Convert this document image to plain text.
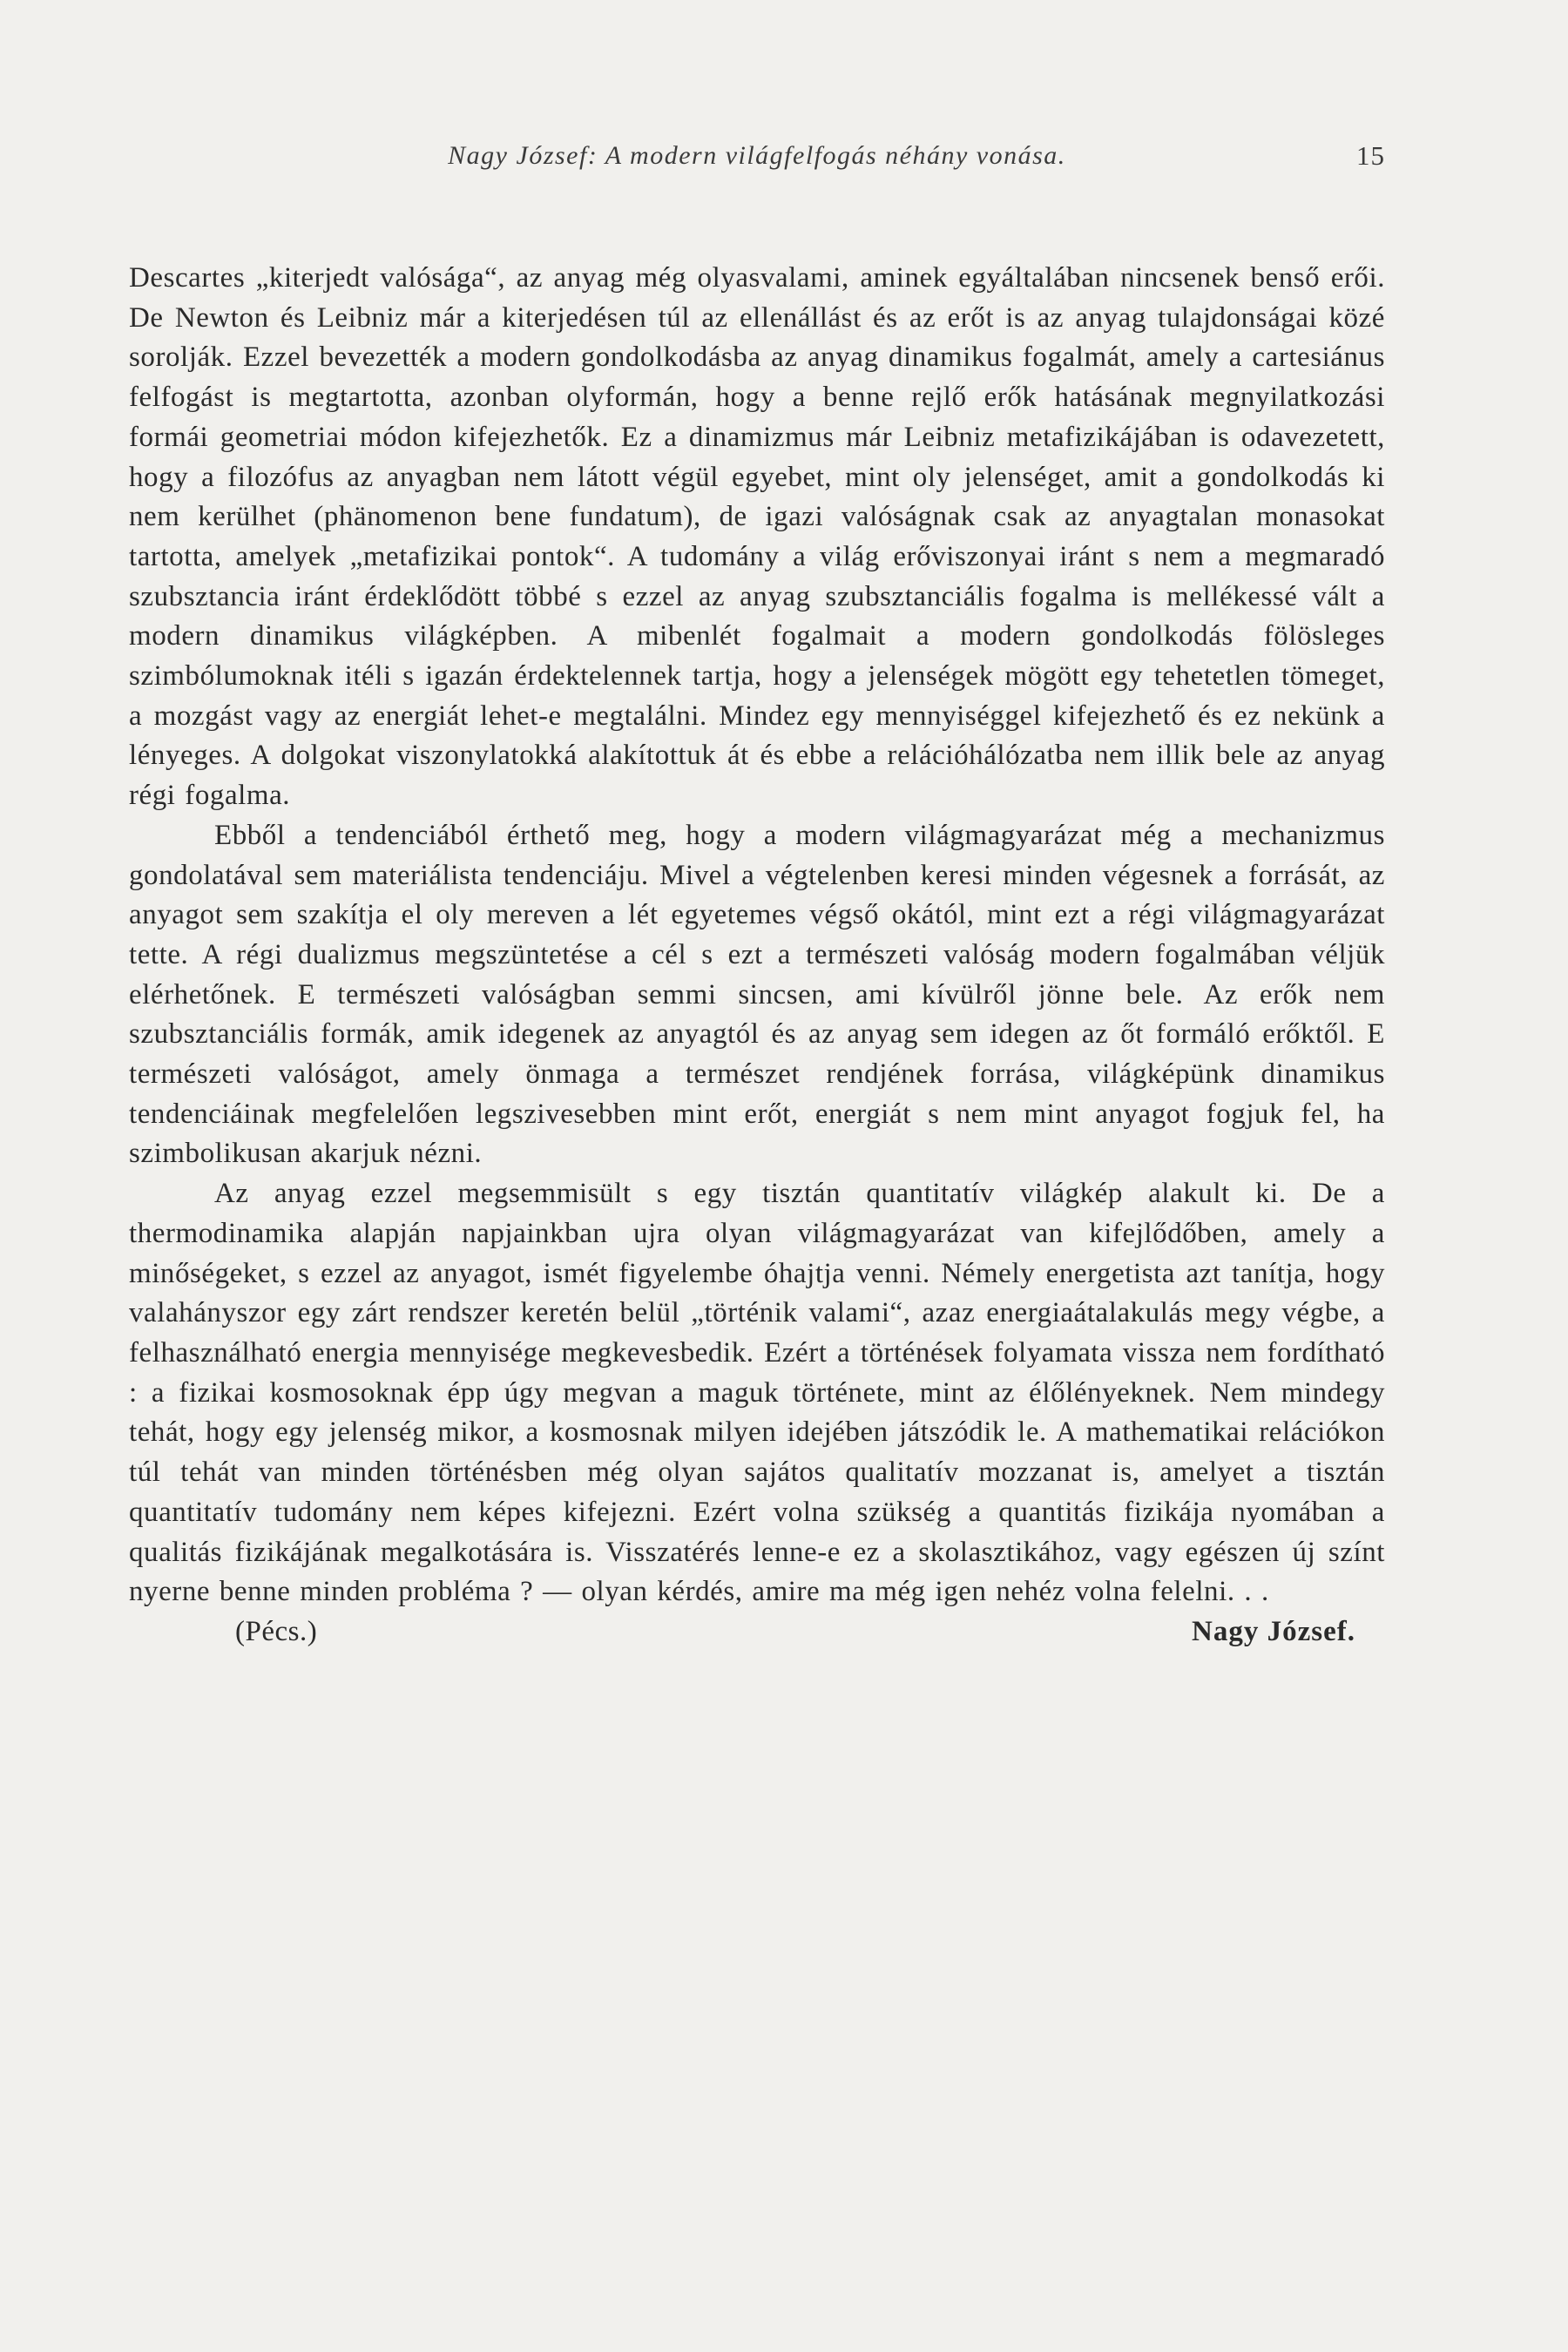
Nagy József: A modern világfelfogás néhány vonása.	15

Descartes „kiterjedt valósága“, az anyag még olyasvalami, aminek egyáltalában nincsenek benső erői. De Newton és Leibniz már a kiterjedésen túl az ellenállást és az erőt is az anyag tulajdonságai közé sorolják. Ezzel bevezették a modern gondolkodásba az anyag dinamikus fogalmát, amely a cartesiánus felfogást is megtartotta, azonban olyformán, hogy a benne rejlő erők hatásának megnyilatkozási formái geometriai módon kifejezhetők. Ez a dinamizmus már Leibniz metafizikájában is odavezetett, hogy a filozófus az anyagban nem látott végül egyebet, mint oly jelenséget, amit a gondolkodás ki nem kerülhet (phänomenon bene fundatum), de igazi valóságnak csak az anyagtalan monasokat tartotta, amelyek „metafizikai pontok“. A tudomány a világ erőviszonyai iránt s nem a megmaradó szubsztancia iránt érdeklődött többé s ezzel az anyag szubsztanciális fogalma is mellékessé vált a modern dinamikus világképben. A mibenlét fogalmait a modern gondolkodás fölösleges szimbólumoknak itéli s igazán érdektelennek tartja, hogy a jelenségek mögött egy tehetetlen tömeget, a mozgást vagy az energiát lehet-e megtalálni. Mindez egy mennyiséggel kifejezhető és ez nekünk a lényeges. A dolgokat viszonylatokká alakítottuk át és ebbe a relációhálózatba nem illik bele az anyag régi fogalma.

Ebből a tendenciából érthető meg, hogy a modern világmagyarázat még a mechanizmus gondolatával sem materiálista tendenciáju. Mivel a végtelenben keresi minden végesnek a forrását, az anyagot sem szakítja el oly mereven a lét egyetemes végső okától, mint ezt a régi világmagyarázat tette. A régi dualizmus megszüntetése a cél s ezt a természeti valóság modern fogalmában véljük elérhetőnek. E természeti valóságban semmi sincsen, ami kívülről jönne bele. Az erők nem szubsztanciális formák, amik idegenek az anyagtól és az anyag sem idegen az őt formáló erőktől. E természeti valóságot, amely önmaga a természet rendjének forrása, világképünk dinamikus tendenciáinak megfelelően legszivesebben mint erőt, energiát s nem mint anyagot fogjuk fel, ha szimbolikusan akarjuk nézni.

Az anyag ezzel megsemmisült s egy tisztán quantitatív világkép alakult ki. De a thermodinamika alapján napjainkban ujra olyan világmagyarázat van kifejlődőben, amely a minőségeket, s ezzel az anyagot, ismét figyelembe óhajtja venni. Némely energetista azt tanítja, hogy valahányszor egy zárt rendszer keretén belül „történik valami“, azaz energiaátalakulás megy végbe, a felhasználható energia mennyisége megkevesbedik. Ezért a történések folyamata vissza nem fordítható : a fizikai kosmosoknak épp úgy megvan a maguk története, mint az élőlényeknek. Nem mindegy tehát, hogy egy jelenség mikor, a kosmosnak milyen idejében játszódik le. A mathematikai relációkon túl tehát van minden történésben még olyan sajátos qualitatív mozzanat is, amelyet a tisztán quantitatív tudomány nem képes kifejezni. Ezért volna szükség a quantitás fizikája nyomában a qualitás fizikájának megalkotására is. Visszatérés lenne-e ez a skolasztikához, vagy egészen új színt nyerne benne minden probléma ? — olyan kérdés, amire ma még igen nehéz volna felelni. . .

(Pécs.)	Nagy József.
